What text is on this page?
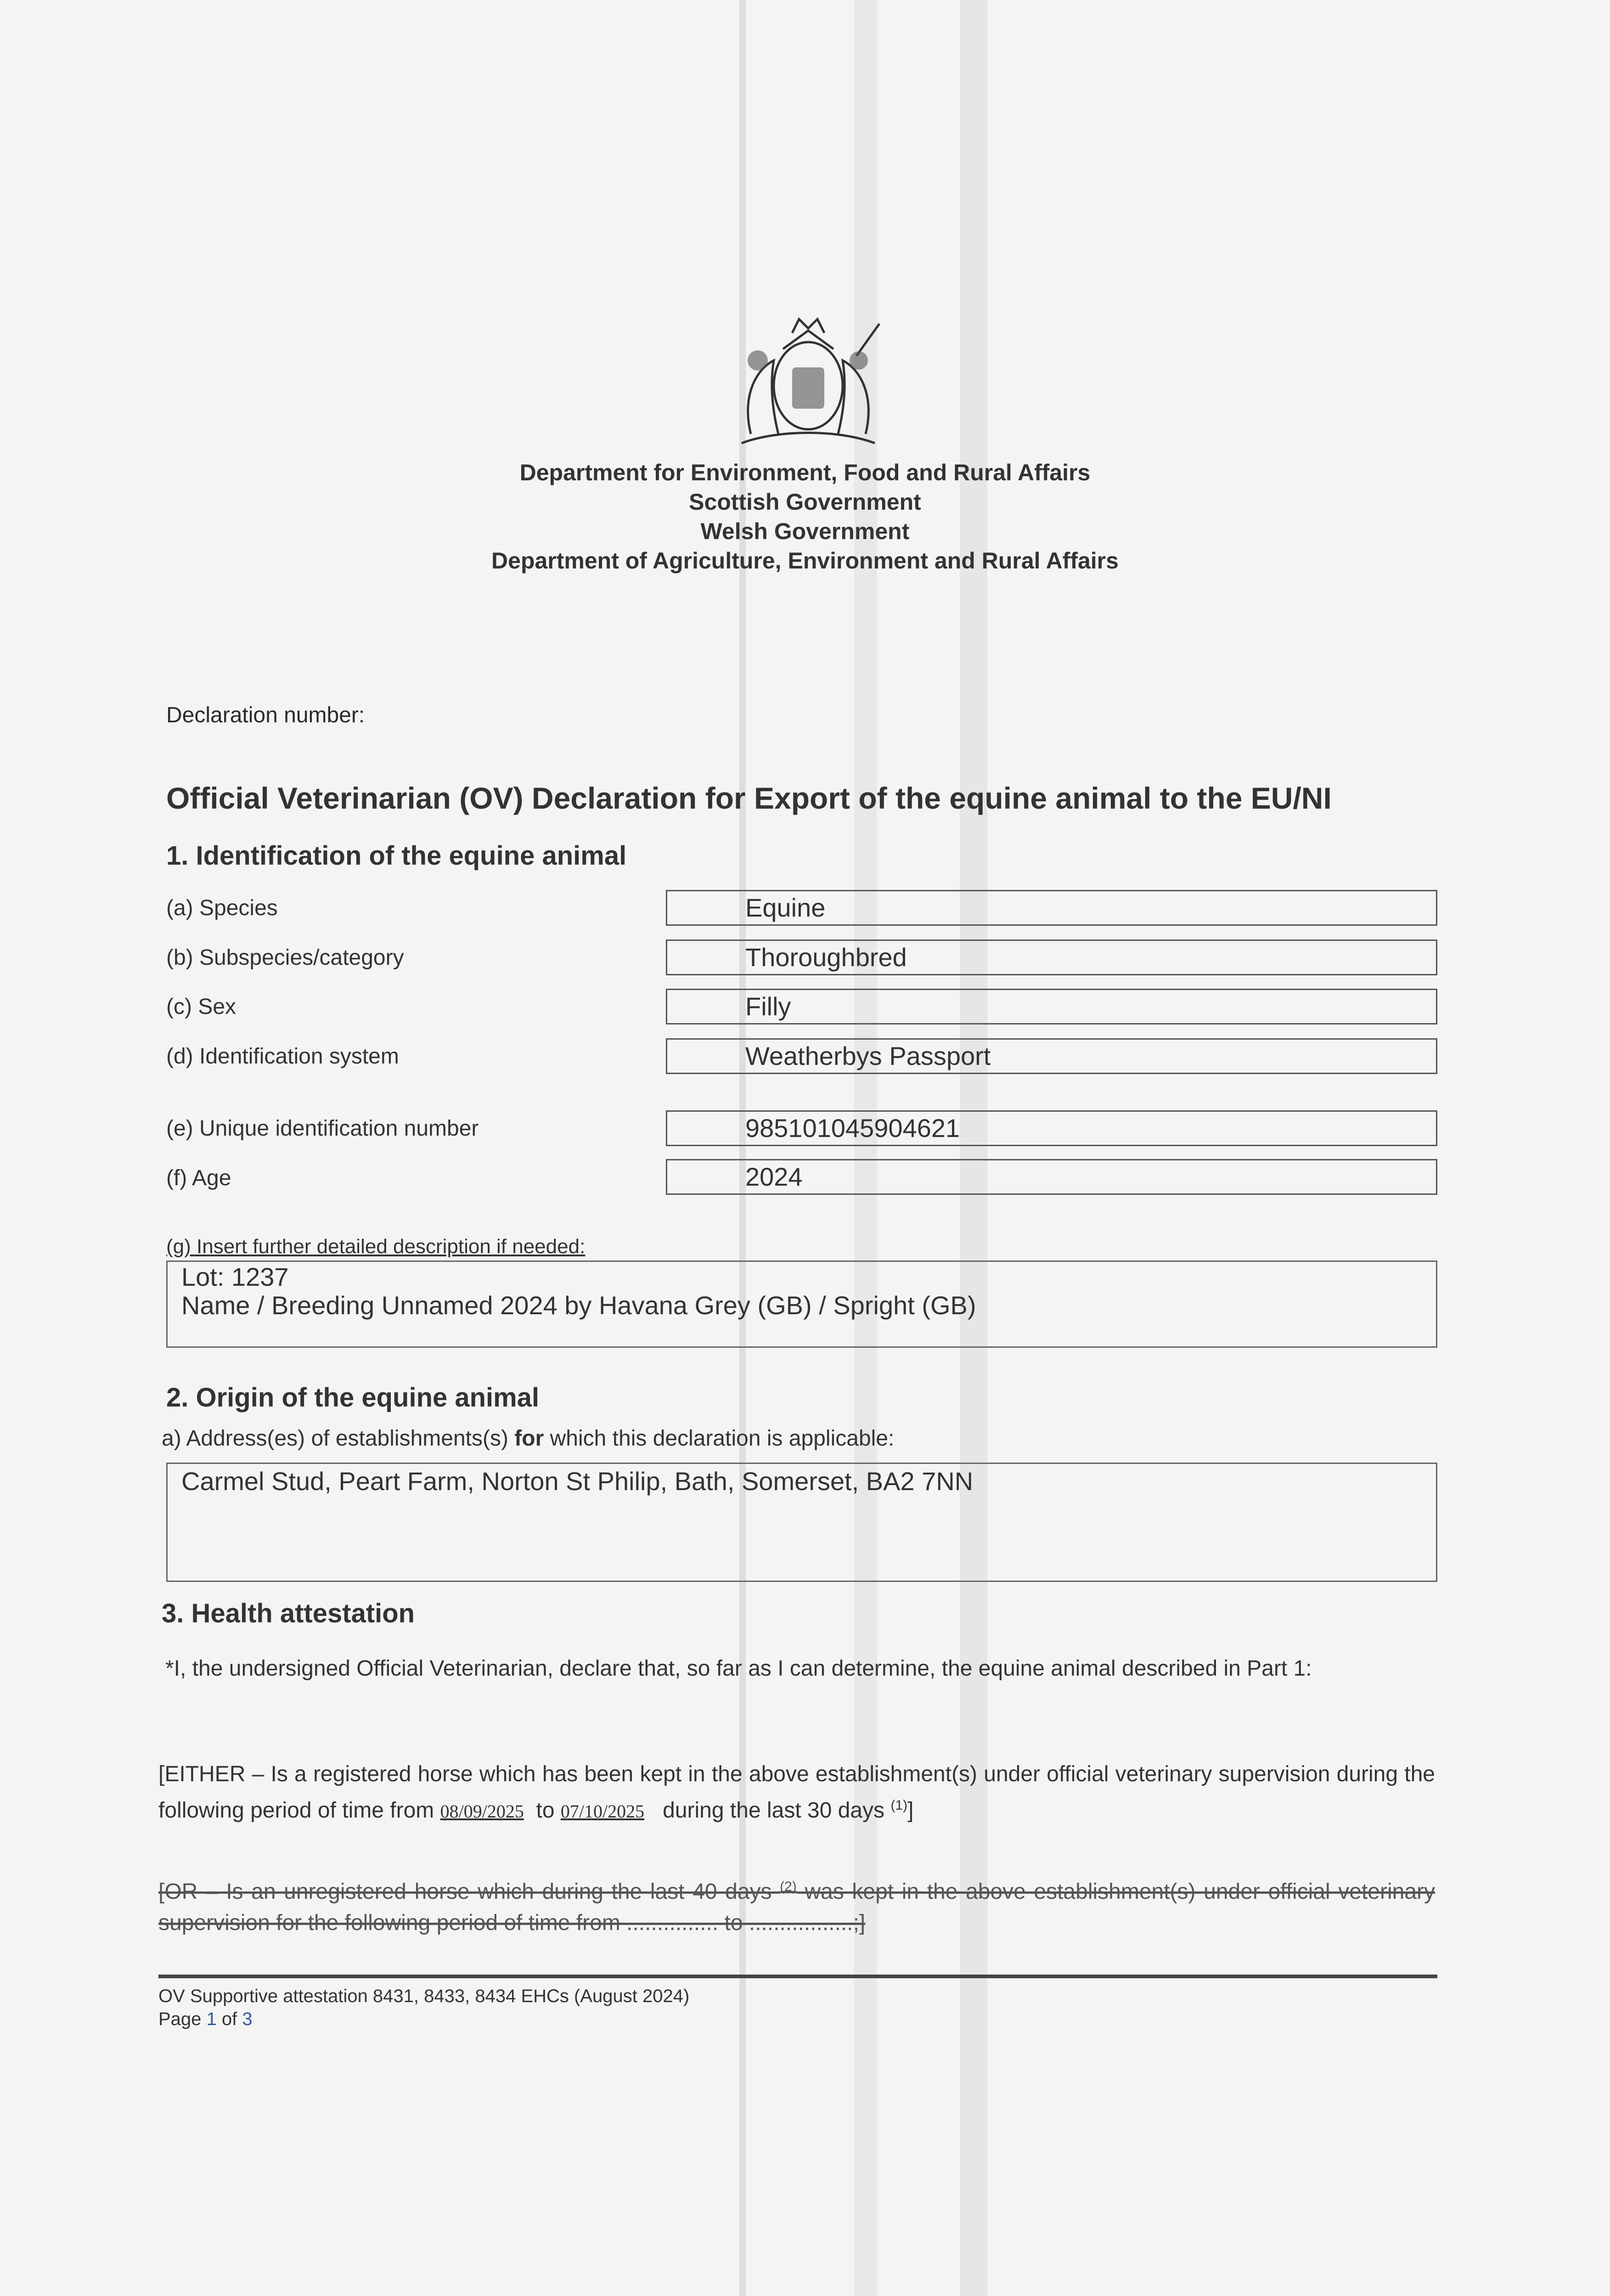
Department for Environment, Food and Rural Affairs
Scottish Government
Welsh Government
Department of Agriculture, Environment and Rural Affairs
Declaration number:
Official Veterinarian (OV) Declaration for Export of the equine animal to the EU/NI
1. Identification of the equine animal
(a) Species	Equine
(b) Subspecies/category	Thoroughbred
(c) Sex	Filly
(d) Identification system	Weatherbys Passport
(e) Unique identification number	985101045904621
(f) Age	2024
(g) Insert further detailed description if needed:
Lot: 1237
Name / Breeding Unnamed 2024 by Havana Grey (GB) / Spright (GB)
2. Origin of the equine animal
a) Address(es) of establishments(s) for which this declaration is applicable:
Carmel Stud, Peart Farm, Norton St Philip, Bath, Somerset, BA2 7NN
3. Health attestation
*I, the undersigned Official Veterinarian, declare that, so far as I can determine, the equine animal described in Part 1:
[EITHER – Is a registered horse which has been kept in the above establishment(s) under official veterinary supervision during the following period of time from 08/09/2025 to 07/10/2025 during the last 30 days $^{(1)}$]
[OR – Is an unregistered horse which during the last 40 days $^{(2)}$ was kept in the above establishment(s) under official veterinary supervision for the following period of time from ............... to .................;]
OV Supportive attestation 8431, 8433, 8434 EHCs (August 2024)
Page 1 of 3
